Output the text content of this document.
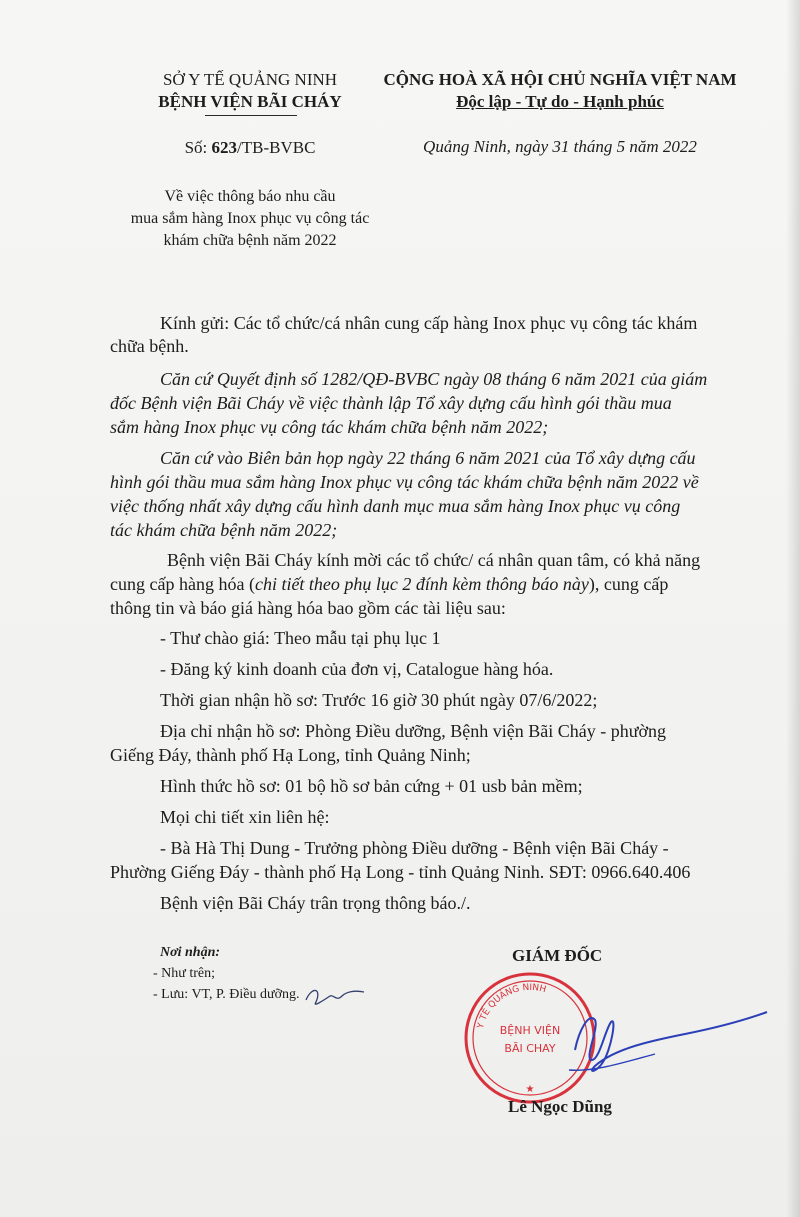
SỞ Y TẾ QUẢNG NINH
BỆNH VIỆN BÃI CHÁY
CỘNG HOÀ XÃ HỘI CHỦ NGHĨA VIỆT NAM
Độc lập - Tự do - Hạnh phúc
Số: 623/TB-BVBC	Quảng Ninh, ngày 31 tháng 5 năm 2022
Về việc thông báo nhu cầu
mua sắm hàng Inox phục vụ công tác
khám chữa bệnh năm 2022
Kính gửi: Các tổ chức/cá nhân cung cấp hàng Inox phục vụ công tác khám
chữa bệnh.
Căn cứ Quyết định số 1282/QĐ-BVBC ngày 08 tháng 6 năm 2021 của giám
đốc Bệnh viện Bãi Cháy về việc thành lập Tổ xây dựng cấu hình gói thầu mua
sắm hàng Inox phục vụ công tác khám chữa bệnh năm 2022;
Căn cứ vào Biên bản họp ngày 22 tháng 6 năm 2021 của Tổ xây dựng cấu
hình gói thầu mua sắm hàng Inox phục vụ công tác khám chữa bệnh năm 2022 về
việc thống nhất xây dựng cấu hình danh mục mua sắm hàng Inox phục vụ công
tác khám chữa bệnh năm 2022;
Bệnh viện Bãi Cháy kính mời các tổ chức/ cá nhân quan tâm, có khả năng
cung cấp hàng hóa (chi tiết theo phụ lục 2 đính kèm thông báo này), cung cấp
thông tin và báo giá hàng hóa bao gồm các tài liệu sau:
- Thư chào giá: Theo mẫu tại phụ lục 1
- Đăng ký kinh doanh của đơn vị, Catalogue hàng hóa.
Thời gian nhận hồ sơ: Trước 16 giờ 30 phút ngày 07/6/2022;
Địa chỉ nhận hồ sơ: Phòng Điều dưỡng, Bệnh viện Bãi Cháy - phường
Giếng Đáy, thành phố Hạ Long, tỉnh Quảng Ninh;
Hình thức hồ sơ: 01 bộ hồ sơ bản cứng + 01 usb bản mềm;
Mọi chi tiết xin liên hệ:
- Bà Hà Thị Dung - Trưởng phòng Điều dưỡng - Bệnh viện Bãi Cháy -
Phường Giếng Đáy - thành phố Hạ Long - tỉnh Quảng Ninh. SĐT: 0966.640.406
Bệnh viện Bãi Cháy trân trọng thông báo./.
Nơi nhận:
- Như trên;
- Lưu: VT, P. Điều dưỡng.
GIÁM ĐỐC
Y TẾ QUẢNG NINH
BỆNH VIỆN
BÃI CHAY
★
Lê Ngọc Dũng
